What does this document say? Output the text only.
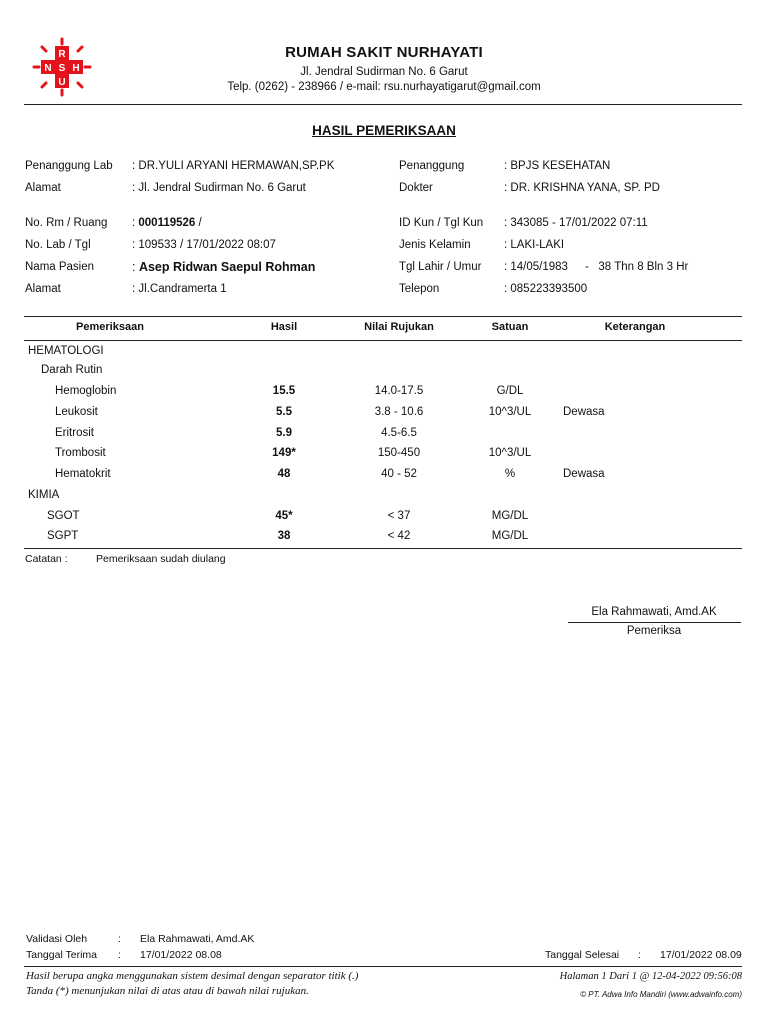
R
N S H
U
RUMAH SAKIT NURHAYATI
Jl. Jendral Sudirman No. 6 Garut
Telp. (0262) - 238966 / e-mail: rsu.nurhayatigarut@gmail.com
HASIL PEMERIKSAAN
Penanggung Lab : DR.YULI ARYANI HERMAWAN,SP.PK
Alamat	: Jl. Jendral Sudirman No. 6 Garut
No. Rm / Ruang : 000119526 /
No. Lab / Tgl	: 109533 / 17/01/2022 08:07
Nama Pasien	: Asep Ridwan Saepul Rohman
Alamat	: Jl.Candramerta 1
Penanggung	: BPJS KESEHATAN
Dokter	: DR. KRISHNA YANA, SP. PD
ID Kun / Tgl Kun : 343085 - 17/01/2022 07:11
Jenis Kelamin	: LAKI-LAKI
Tgl Lahir / Umur : 14/05/1983 -   38 Thn 8 Bln 3 Hr
Telepon	: 085223393500
Pemeriksaan	Hasil	Nilai Rujukan	Satuan	Keterangan
HEMATOLOGI
Darah Rutin
Hemoglobin	15.5	14.0-17.5	G/DL
Leukosit	5.5	3.8 - 10.6	10^3/UL	Dewasa
Eritrosit	5.9	4.5-6.5
Trombosit	149*	150-450	10^3/UL
Hematokrit	48	40 - 52	%	Dewasa
KIMIA
SGOT	45*	< 37	MG/DL
SGPT	38	< 42	MG/DL
Catatan :	Pemeriksaan sudah diulang
Ela Rahmawati, Amd.AK
Pemeriksa
Validasi Oleh	: Ela Rahmawati, Amd.AK
Tanggal Terima : 17/01/2022 08.08	Tanggal Selesai : 17/01/2022 08.09
Hasil berupa angka menggunakan sistem desimal dengan separator titik (.)
Tanda (*) menunjukan nilai di atas atau di bawah nilai rujukan.
Halaman 1 Dari 1 @ 12-04-2022 09:56:08
© PT. Adwa Info Mandiri (www.adwainfo.com)
